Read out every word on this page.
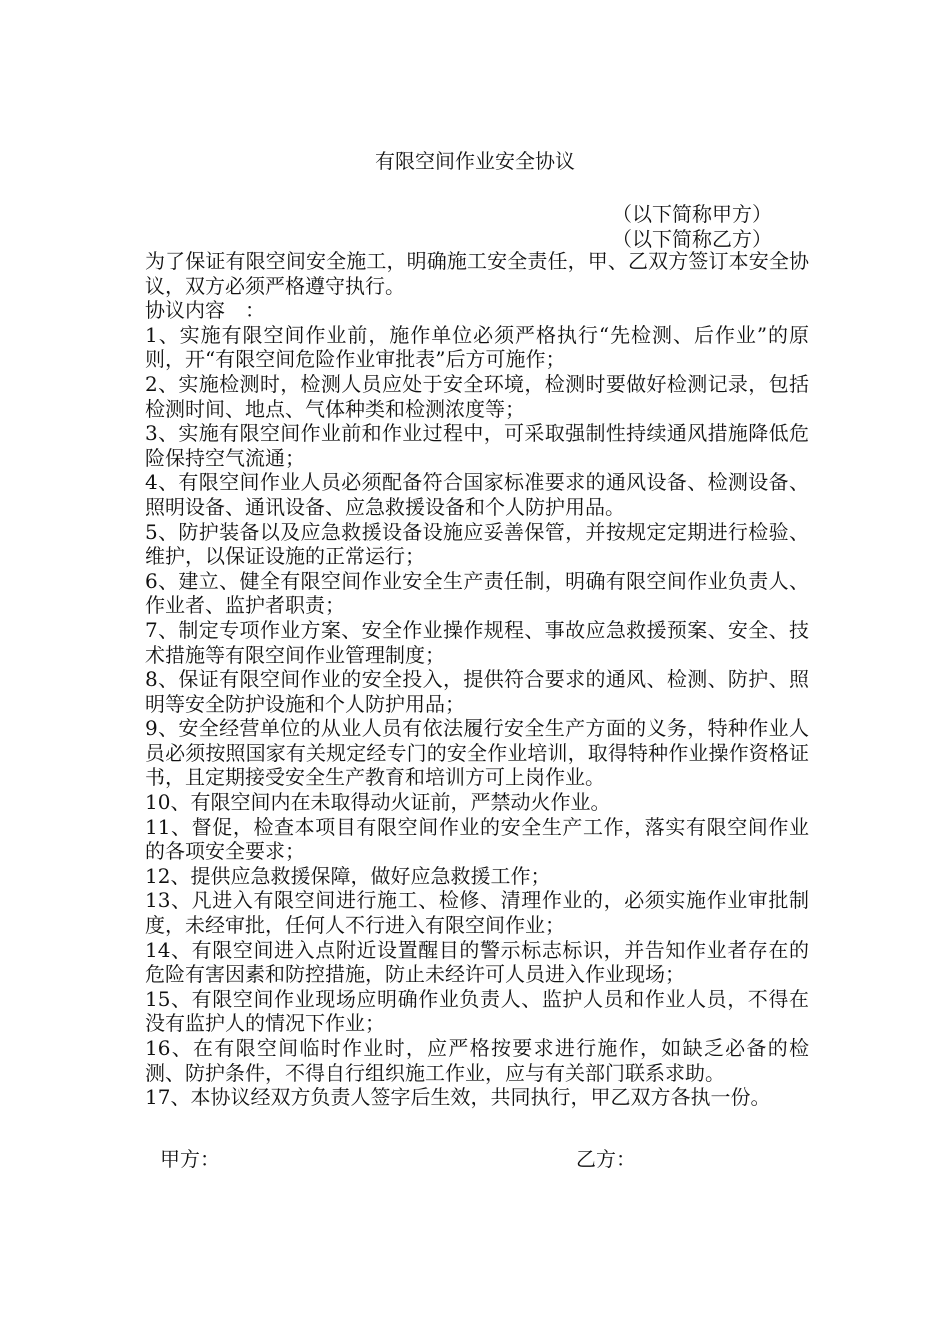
有限空间作业安全协议
（以下简称甲方）
（以下简称乙方）

为了保证有限空间安全施工，明确施工安全责任，甲、乙双方签订本安全协议，双方必须严格遵守执行。

协议内容　：

1、实施有限空间作业前，施作单位必须严格执行“先检测、后作业”的原则，开“有限空间危险作业审批表”后方可施作；

2、实施检测时，检测人员应处于安全环境，检测时要做好检测记录，包括检测时间、地点、气体种类和检测浓度等；

3、实施有限空间作业前和作业过程中，可采取强制性持续通风措施降低危险保持空气流通；

4、有限空间作业人员必须配备符合国家标准要求的通风设备、检测设备、照明设备、通讯设备、应急救援设备和个人防护用品。

5、防护装备以及应急救援设备设施应妥善保管，并按规定定期进行检验、维护，以保证设施的正常运行；

6、建立、健全有限空间作业安全生产责任制，明确有限空间作业负责人、作业者、监护者职责；

7、制定专项作业方案、安全作业操作规程、事故应急救援预案、安全、技术措施等有限空间作业管理制度；

8、保证有限空间作业的安全投入，提供符合要求的通风、检测、防护、照明等安全防护设施和个人防护用品；

9、安全经营单位的从业人员有依法履行安全生产方面的义务，特种作业人员必须按照国家有关规定经专门的安全作业培训，取得特种作业操作资格证书，且定期接受安全生产教育和培训方可上岗作业。

10、有限空间内在未取得动火证前，严禁动火作业。

11、督促，检查本项目有限空间作业的安全生产工作，落实有限空间作业的各项安全要求；

12、提供应急救援保障，做好应急救援工作；

13、凡进入有限空间进行施工、检修、清理作业的，必须实施作业审批制度，未经审批，任何人不行进入有限空间作业；

14、有限空间进入点附近设置醒目的警示标志标识，并告知作业者存在的危险有害因素和防控措施，防止未经许可人员进入作业现场；

15、有限空间作业现场应明确作业负责人、监护人员和作业人员，不得在没有监护人的情况下作业；

16、在有限空间临时作业时，应严格按要求进行施作，如缺乏必备的检测、防护条件，不得自行组织施工作业，应与有关部门联系求助。

17、本协议经双方负责人签字后生效，共同执行，甲乙双方各执一份。

甲方：	乙方：
